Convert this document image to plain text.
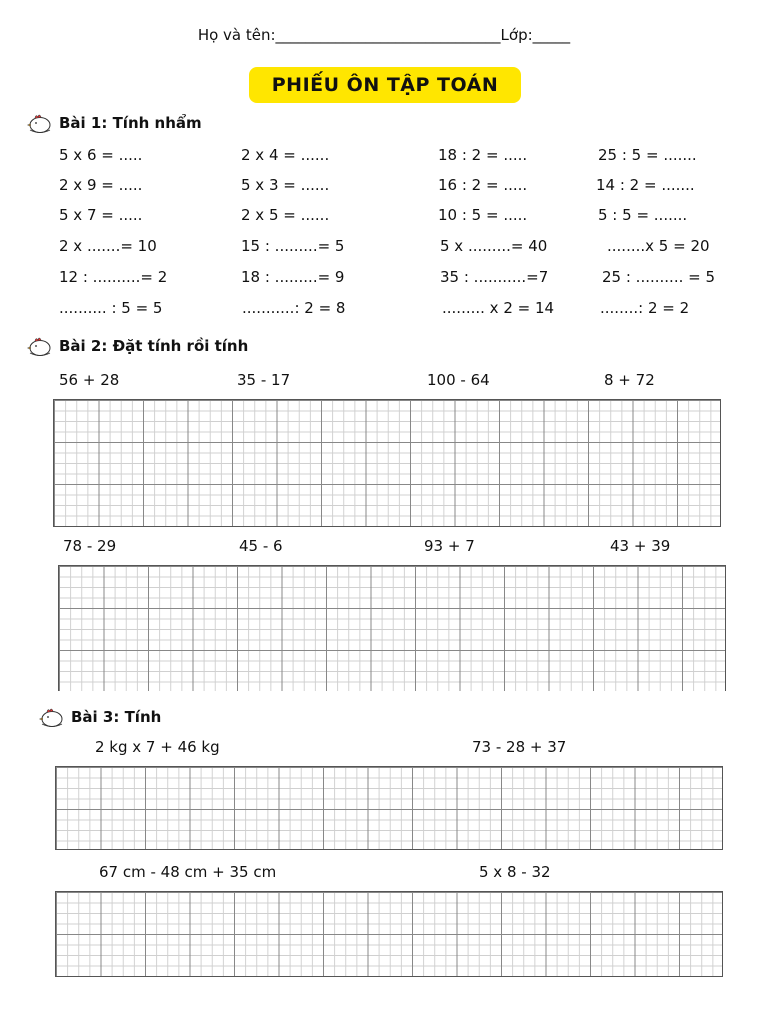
Họ và tên:______________________________Lớp:_____
PHIẾU ÔN TẬP TOÁN
Bài 1: Tính nhẩm
5 x 6 = .....	2 x 4 = ......	18 : 2 = .....	25 : 5 = .......
2 x 9 = .....	5 x 3 = ......	16 : 2 = .....	14 : 2 = .......
5 x 7 = .....	2 x 5 = ......	10 : 5 = .....	5 : 5 = .......
2 x .......= 10	15 : .........= 5	5 x .........= 40	........x 5 = 20
12 : ..........= 2	18 : .........= 9	35 : ...........=7	25 : .......... = 5
.......... : 5 = 5	...........: 2 = 8	......... x 2 = 14	........: 2 = 2
Bài 2: Đặt tính rồi tính
56 + 28	35 - 17	100 - 64	8 + 72
78 - 29	45 - 6	93 + 7	43 + 39
Bài 3: Tính
2 kg x 7 + 46 kg	73 - 28 + 37
67 cm - 48 cm + 35 cm	5 x 8 - 32
